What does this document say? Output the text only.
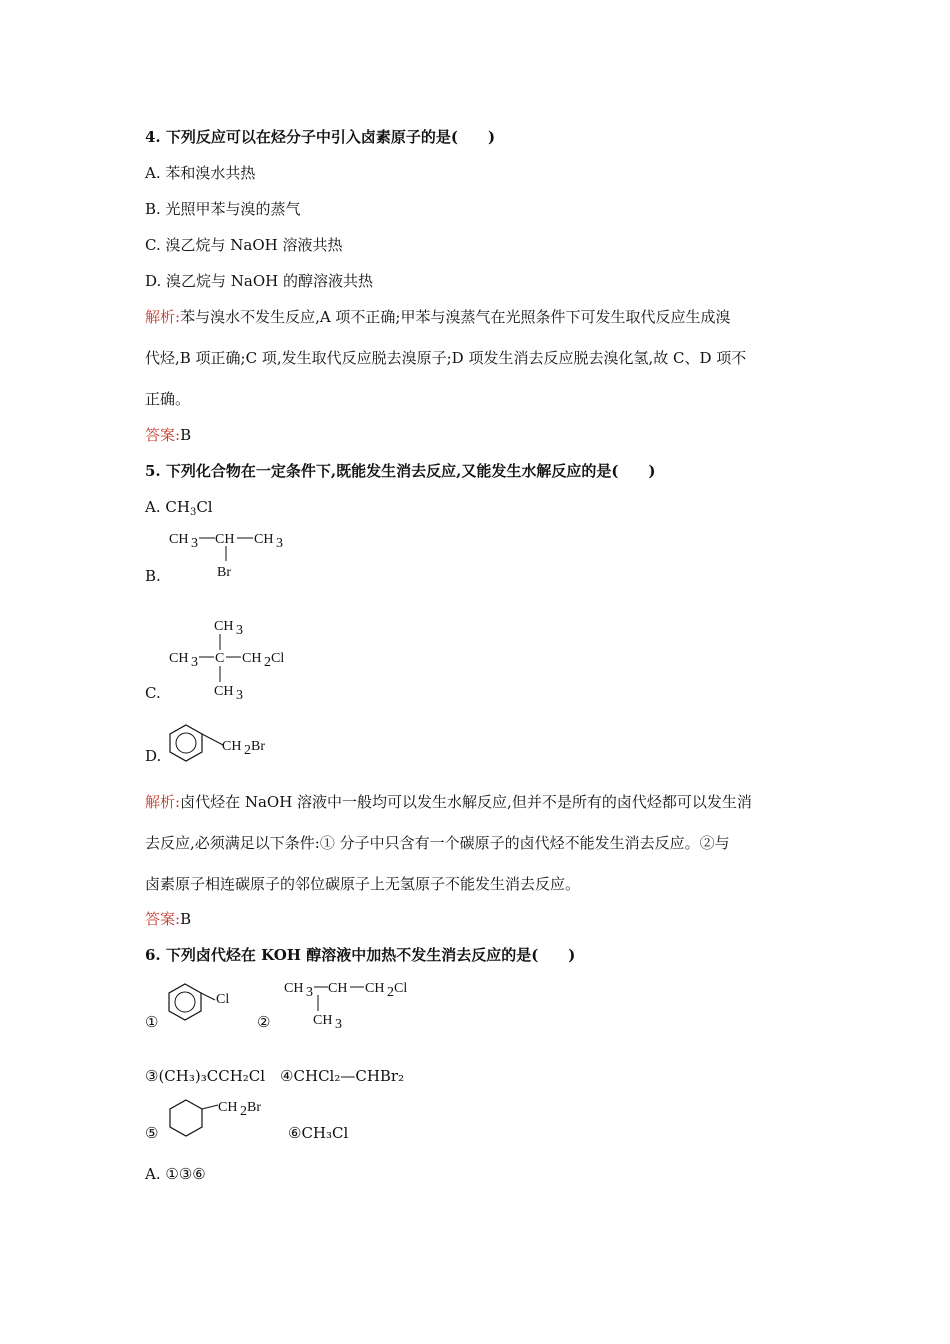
4. 下列反应可以在烃分子中引入卤素原子的是(　　)
A. 苯和溴水共热
B. 光照甲苯与溴的蒸气
C. 溴乙烷与 NaOH 溶液共热
D. 溴乙烷与 NaOH 的醇溶液共热
解析:苯与溴水不发生反应,A 项不正确;甲苯与溴蒸气在光照条件下可发生取代反应生成溴
代烃,B 项正确;C 项,发生取代反应脱去溴原子;D 项发生消去反应脱去溴化氢,故 C、D 项不
正确。
答案:B
5. 下列化合物在一定条件下,既能发生消去反应,又能发生水解反应的是(　　)
A. $CH_3Cl$
CH 3 CH CH 3
Br
B.
CH 3
CH 3 C CH 2 Cl
CH 3
C.
CH 2 Br
D.
解析:卤代烃在 NaOH 溶液中一般均可以发生水解反应,但并不是所有的卤代烃都可以发生消
去反应,必须满足以下条件:① 分子中只含有一个碳原子的卤代烃不能发生消去反应。②与
卤素原子相连碳原子的邻位碳原子上无氢原子不能发生消去反应。
答案:B
6. 下列卤代烃在 KOH 醇溶液中加热不发生消去反应的是(　　)
①
Cl
②
CH 3 CH CH 2 Cl
CH 3
③(CH₃)₃CCH₂Cl　④CHCl₂—CHBr₂
⑤
CH 2 Br
⑥CH₃Cl
A. ①③⑥
